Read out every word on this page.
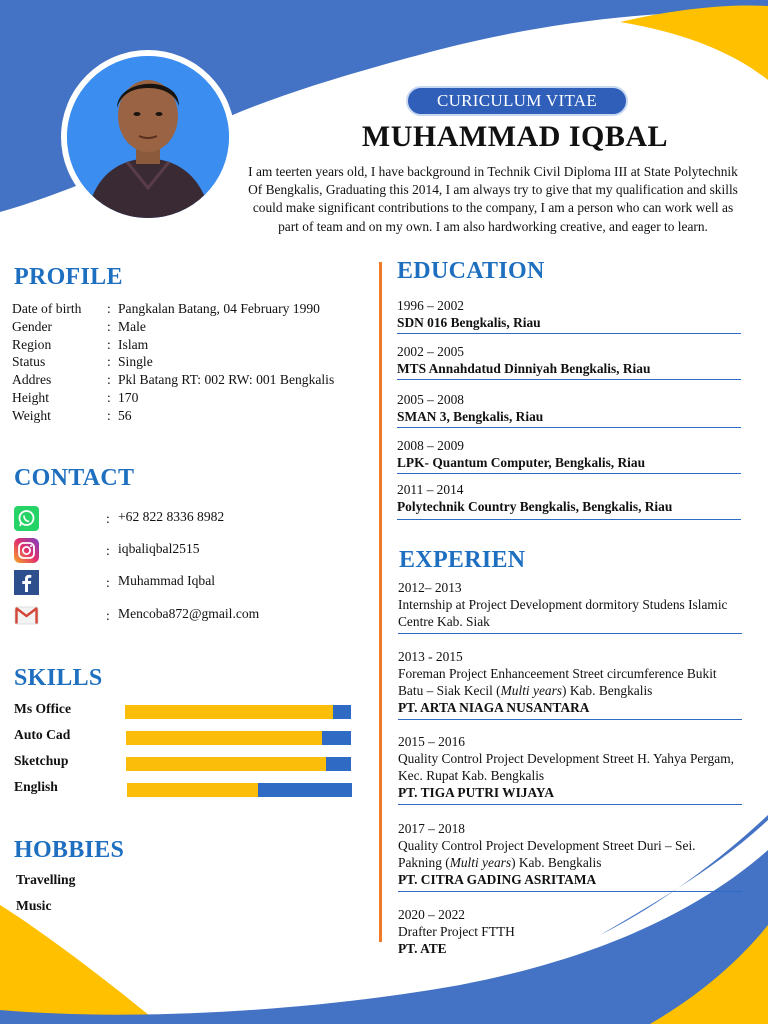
CURICULUM VITAE
MUHAMMAD IQBAL
I am teerten years old, I have background in Technik Civil Diploma III at State Polytechnik Of Bengkalis, Graduating this 2014, I am always try to give that my qualification and skills could make significant contributions to the company, I am a person who can work well as part of team and on my own. I am also hardworking creative, and eager to learn.
PROFILE
Date of birth : Pangkalan Batang, 04 February 1990
Gender	: Male
Region	: Islam
Status	: Single
Addres	: Pkl Batang RT: 002 RW: 001 Bengkalis
Height	: 170
Weight	: 56
CONTACT
: +62 822 8336 8982
: iqbaliqbal2515
: Muhammad Iqbal
: Mencoba872@gmail.com
SKILLS
Ms Office
Auto Cad
Sketchup
English
HOBBIES
Travelling
Music
EDUCATION
1996 – 2002
SDN 016 Bengkalis, Riau
2002 – 2005
MTS Annahdatud Dinniyah Bengkalis, Riau
2005 – 2008
SMAN 3, Bengkalis, Riau
2008 – 2009
LPK- Quantum Computer, Bengkalis, Riau
2011 – 2014
Polytechnik Country Bengkalis, Bengkalis, Riau
EXPERIEN
2012– 2013
Internship at Project Development dormitory Studens Islamic Centre Kab. Siak
2013 - 2015
Foreman Project Enhanceement Street circumference Bukit Batu – Siak Kecil (Multi years) Kab. Bengkalis
PT. ARTA NIAGA NUSANTARA
2015 – 2016
Quality Control Project Development Street H. Yahya Pergam, Kec. Rupat Kab. Bengkalis
PT. TIGA PUTRI WIJAYA
2017 – 2018
Quality Control Project Development Street Duri – Sei. Pakning (Multi years) Kab. Bengkalis
PT. CITRA GADING ASRITAMA
2020 – 2022
Drafter Project FTTH
PT. ATE
